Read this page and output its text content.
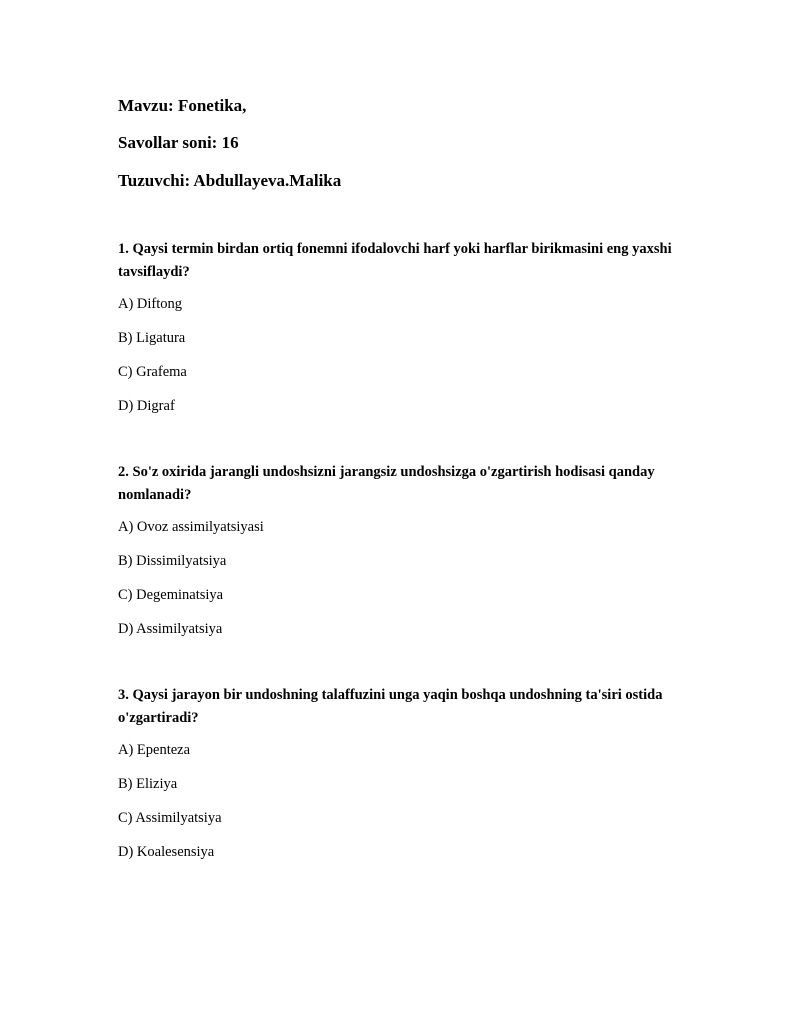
Mavzu: Fonetika,
Savollar soni: 16
Tuzuvchi: Abdullayeva.Malika

1. Qaysi termin birdan ortiq fonemni ifodalovchi harf yoki harflar birikmasini eng yaxshi tavsiflaydi?

A) Diftong
B) Ligatura
C) Grafema
D) Digraf

2. So'z oxirida jarangli undoshsizni jarangsiz undoshsizga o'zgartirish hodisasi qanday nomlanadi?

A) Ovoz assimilyatsiyasi
B) Dissimilyatsiya
C) Degeminatsiya
D) Assimilyatsiya

3. Qaysi jarayon bir undoshning talaffuzini unga yaqin boshqa undoshning ta'siri ostida o'zgartiradi?

A) Epenteza
B) Eliziya
C) Assimilyatsiya
D) Koalesensiya
